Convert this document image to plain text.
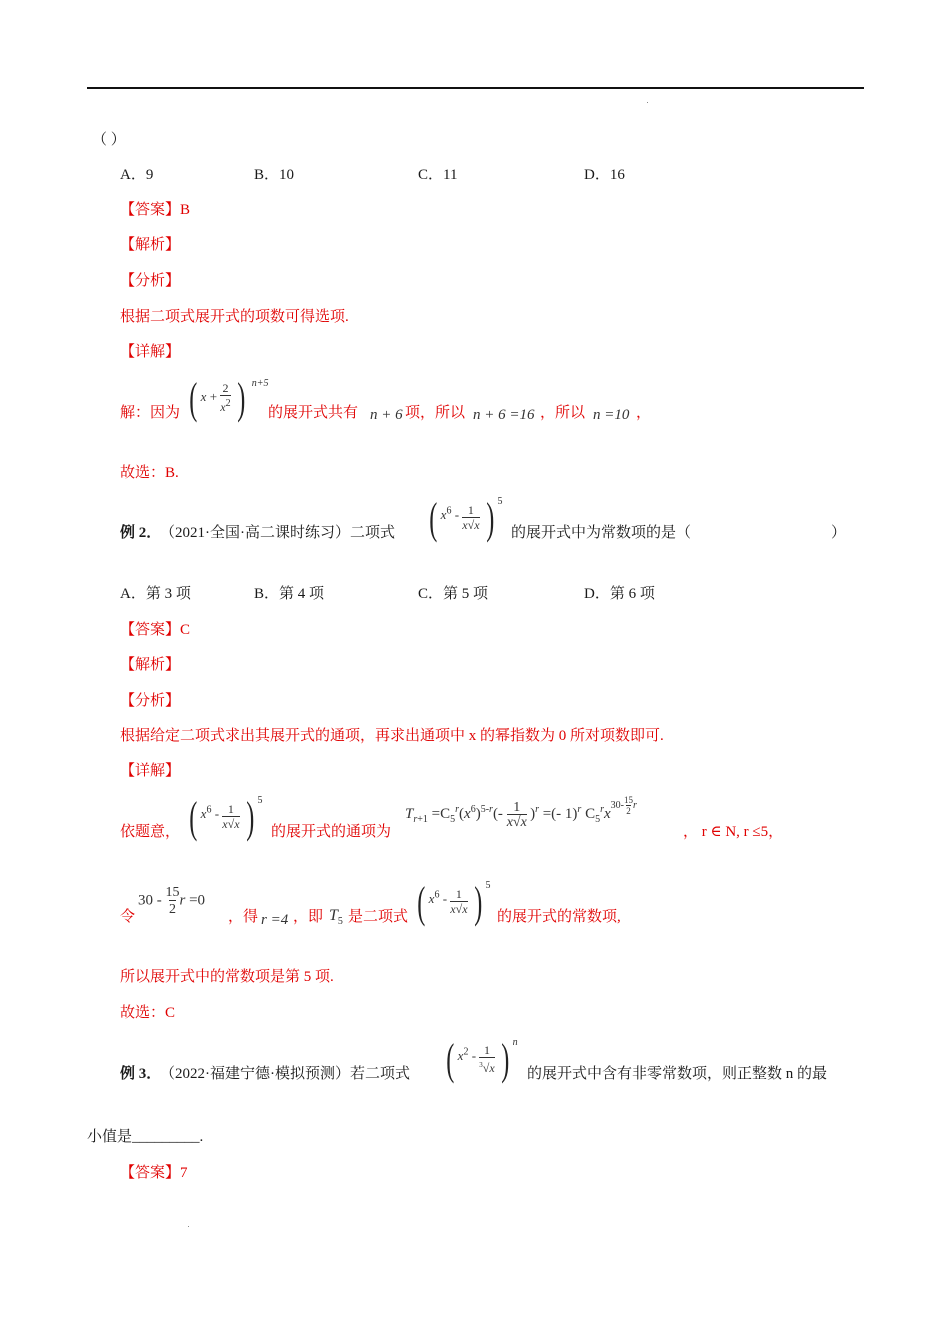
（ ）
A．9	B．10	C．11	D．16
【答案】B
【解析】
【分析】
根据二项式展开式的项数可得选项.
【详解】
解：因为 ( $x + \frac{2}{x^2}$ ) $^{n+5}$
的展开式共有 n + 6 项，所以 n + 6 =16 ，所以 n =10 ，
故选：B.
例 2．
（2021·全国·高二课时练习）二项式 ( $x^6 - \frac{1}{x√x}$ ) $^5$
的展开式中为常数项的是（	）
A．第 3 项	B．第 4 项	C．第 5 项	D．第 6 项
【答案】C
【解析】
【分析】
根据给定二项式求出其展开式的通项，再求出通项中 x 的幂指数为 0 所对项数即可.
【详解】
依题意， ( $x^6 - \frac{1}{x√x}$ ) $^5$
的展开式的通项为
$T_{r+1} =C_5^r(x^6)^{5-r}(- \frac{1}{x√x} )^r$ =(- 1)$^r$ $C_5^rx^{30- \frac{15}{2} r}$
， r ∈ N, r ≤5，
令
$30 - \frac{15}{2}$ r =0
，得 r =4 ，即 $T_5$ 是二项式 ( $x^6 - \frac{1}{x√x}$ ) $^5$
的展开式的常数项,
所以展开式中的常数项是第 5 项.
故选：C
例 3．
（2022·福建宁德·模拟预测）若二项式 ( $x^2 - \frac{1}{^3√x}$ ) $^n$
的展开式中含有非零常数项，则正整数 n 的最
小值是_________.
【答案】7
